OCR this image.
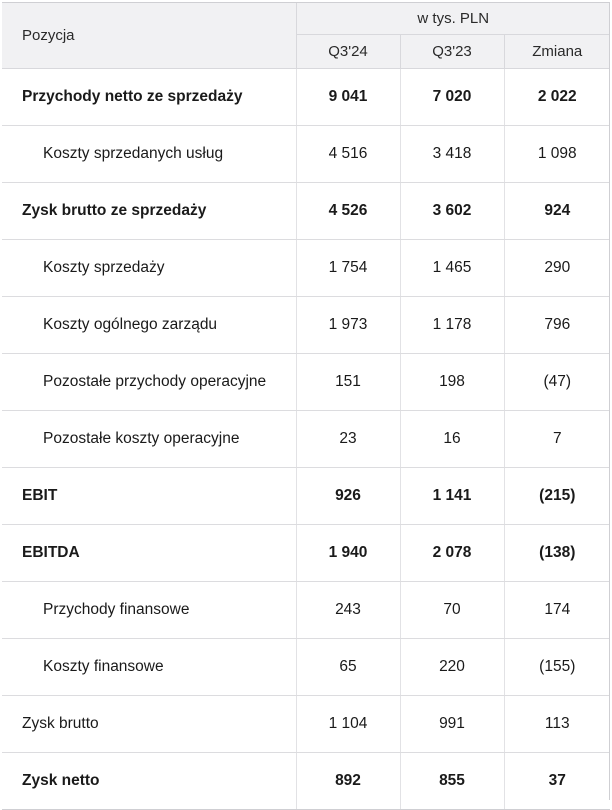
Pozycja	w tys. PLN		
	Q3'24	Q3'23	Zmiana
Przychody netto ze sprzedaży	9 041	7 020	2 022
Koszty sprzedanych usług	4 516	3 418	1 098
Zysk brutto ze sprzedaży	4 526	3 602	924
Koszty sprzedaży	1 754	1 465	290
Koszty ogólnego zarządu	1 973	1 178	796
Pozostałe przychody operacyjne	151	198	(47)
Pozostałe koszty operacyjne	23	16	7
EBIT	926	1 141	(215)
EBITDA	1 940	2 078	(138)
Przychody finansowe	243	70	174
Koszty finansowe	65	220	(155)
Zysk brutto	1 104	991	113
Zysk netto	892	855	37
